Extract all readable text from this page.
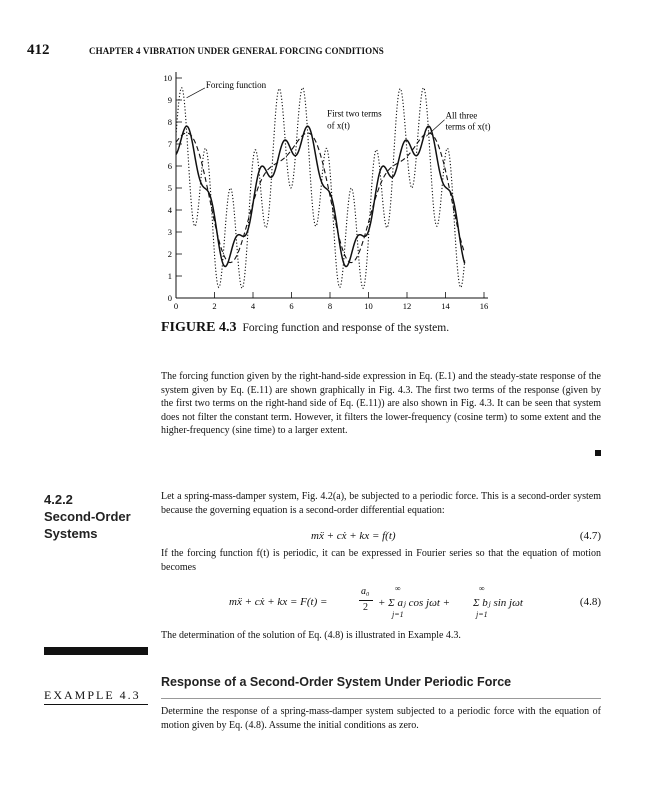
412	CHAPTER 4 VIBRATION UNDER GENERAL FORCING CONDITIONS
0
1
2
3
4
5
6
7
8
9
10
0	2	4	6	8	10	12	14	16
Forcing function
First two terms
of x(t)
All three
terms of x(t)
FIGURE 4.3 Forcing function and response of the system.
The forcing function given by the right-hand-side expression in Eq. (E.1) and the steady-state response of the system given by Eq. (E.11) are shown graphically in Fig. 4.3. The first two terms of the response (given by the first two terms on the right-hand side of Eq. (E.11)) are also shown in Fig. 4.3. It can be seen that system does not filter the constant term. However, it filters the lower-frequency (cosine term) to some extent and the higher-frequency (sine time) to a larger extent.
4.2.2
Second-Order
Systems
Let a spring-mass-damper system, Fig. 4.2(a), be subjected to a periodic force. This is a second-order system because the governing equation is a second-order differential equation:
mẍ + cẋ + kx = f(t)	(4.7)
If the forcing function f(t) is periodic, it can be expressed in Fourier series so that the equation of motion becomes
mẍ + cẋ + kx = F(t) =
a₀
2 + Σ aⱼ cos jωt + Σ bⱼ sin jωt
∞	∞
j=1	j=1
(4.8)
The determination of the solution of Eq. (4.8) is illustrated in Example 4.3.
EXAMPLE 4.3
Response of a Second-Order System Under Periodic Force
Determine the response of a spring-mass-damper system subjected to a periodic force with the equation of motion given by Eq. (4.8). Assume the initial conditions as zero.
